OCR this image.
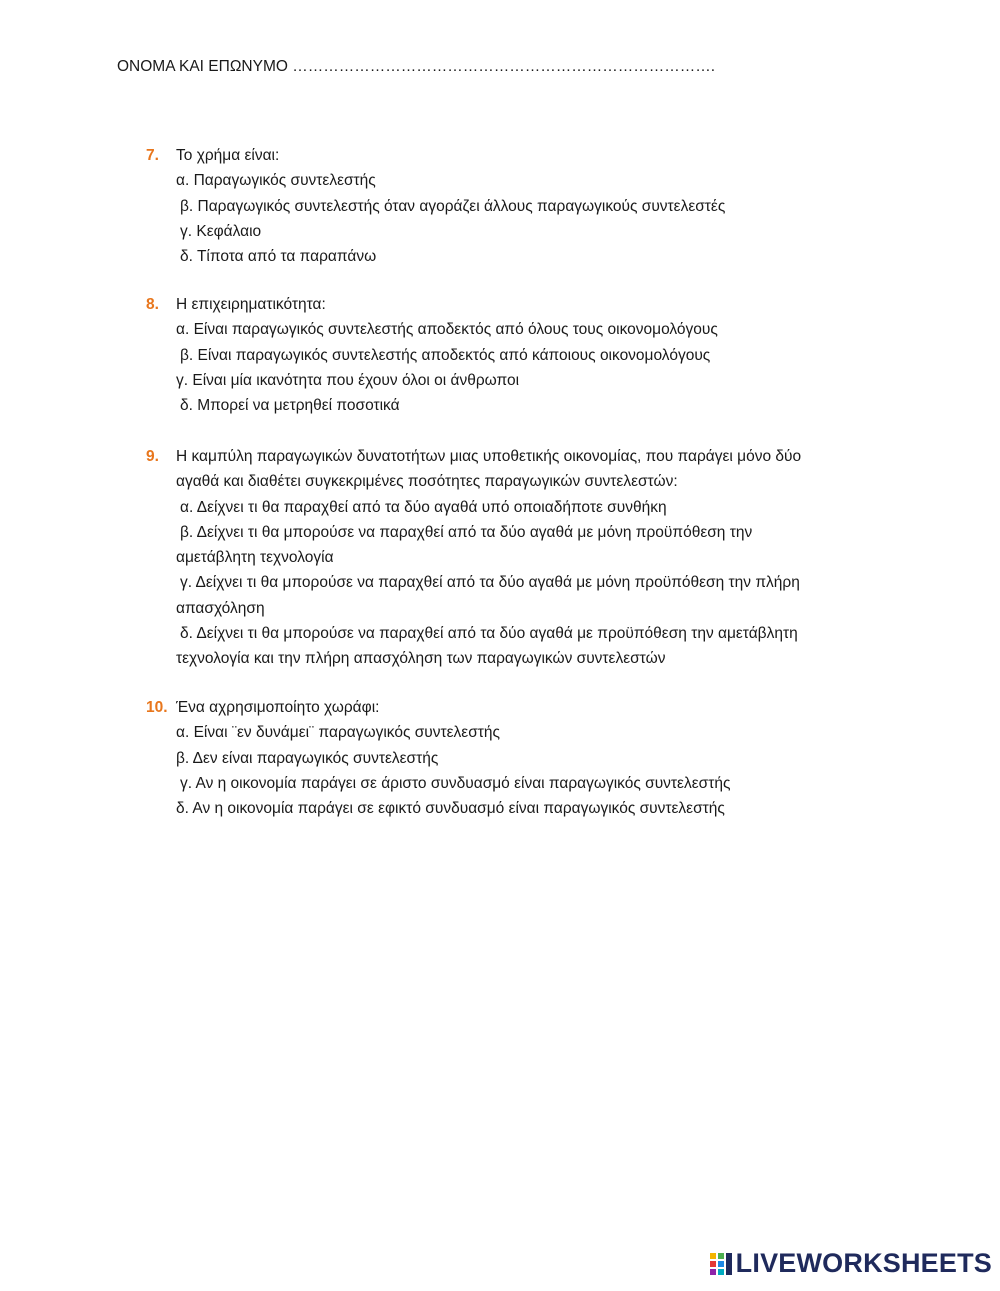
ΟΝΟΜΑ ΚΑΙ ΕΠΩΝΥΜΟ ……………………………………………………………………….
7.	Το χρήμα είναι:
α. Παραγωγικός συντελεστής
β. Παραγωγικός συντελεστής όταν αγοράζει άλλους παραγωγικούς συντελεστές
γ. Κεφάλαιο
δ. Τίποτα από τα παραπάνω
8.	Η επιχειρηματικότητα:
α. Είναι παραγωγικός συντελεστής αποδεκτός από όλους τους οικονομολόγους
β. Είναι παραγωγικός συντελεστής αποδεκτός από κάποιους οικονομολόγους
γ. Είναι μία ικανότητα που έχουν όλοι οι άνθρωποι
δ. Μπορεί να μετρηθεί ποσοτικά
9.	Η καμπύλη παραγωγικών δυνατοτήτων μιας υποθετικής οικονομίας, που παράγει μόνο δύο
αγαθά και διαθέτει συγκεκριμένες ποσότητες παραγωγικών συντελεστών:
α. Δείχνει τι θα παραχθεί από τα δύο αγαθά υπό οποιαδήποτε συνθήκη
β. Δείχνει τι θα μπορούσε να παραχθεί από τα δύο αγαθά με μόνη προϋπόθεση την
αμετάβλητη τεχνολογία
γ. Δείχνει τι θα μπορούσε να παραχθεί από τα δύο αγαθά με μόνη προϋπόθεση την πλήρη
απασχόληση
δ. Δείχνει τι θα μπορούσε να παραχθεί από τα δύο αγαθά με προϋπόθεση την αμετάβλητη
τεχνολογία και την πλήρη απασχόληση των παραγωγικών συντελεστών
10. Ένα αχρησιμοποίητο χωράφι:
α. Είναι ¨εν δυνάμει¨ παραγωγικός συντελεστής
β. Δεν είναι παραγωγικός συντελεστής
γ. Αν η οικονομία παράγει σε άριστο συνδυασμό είναι παραγωγικός συντελεστής
δ. Αν η οικονομία παράγει σε εφικτό συνδυασμό είναι παραγωγικός συντελεστής
LIVEWORKSHEETS
